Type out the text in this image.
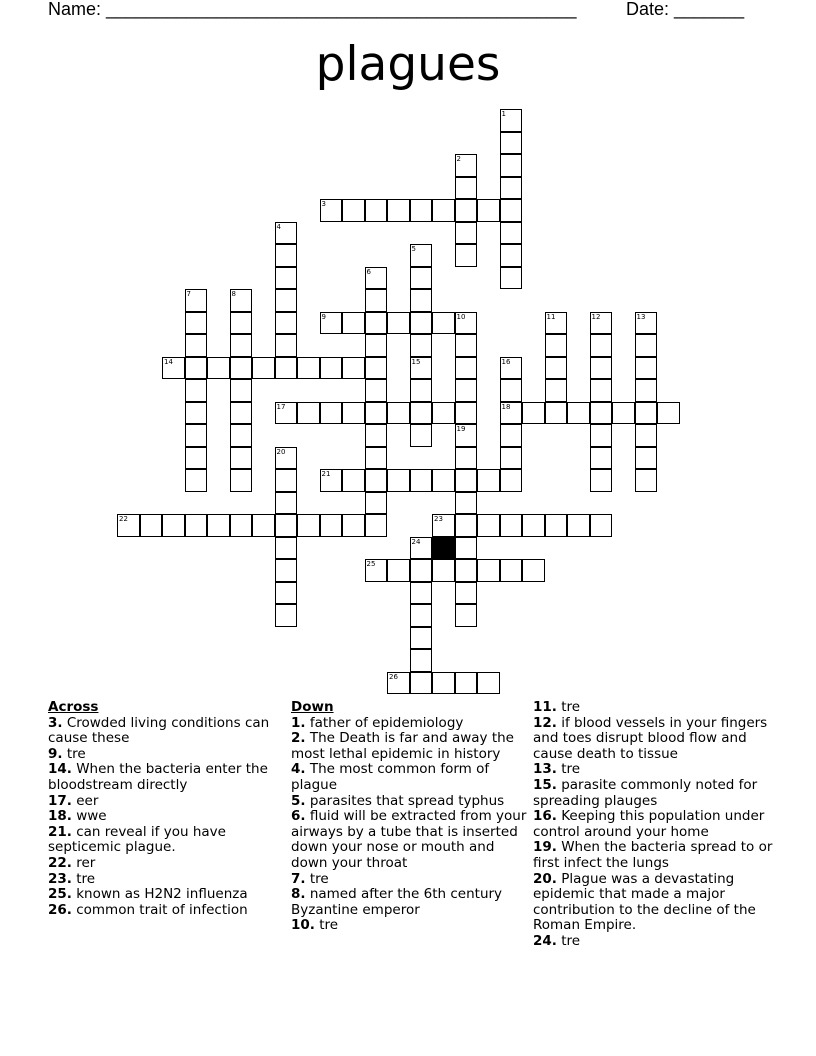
Name: _______________________________________________	Date: _______
plagues
1
2
3
4
5
6
7	8
9	10	11	12	13
14	15	16
17	18
19
20
21
22	23
24
25
26
Across
3. Crowded living conditions can cause these
9. tre
14. When the bacteria enter the bloodstream directly
17. eer
18. wwe
21. can reveal if you have septicemic plague.
22. rer
23. tre
25. known as H2N2 influenza
26. common trait of infection
Down
1. father of epidemiology
2. The Death is far and away the most lethal epidemic in history
4. The most common form of plague
5. parasites that spread typhus
6. fluid will be extracted from your airways by a tube that is inserted down your nose or mouth and down your throat
7. tre
8. named after the 6th century Byzantine emperor
10. tre
11. tre
12. if blood vessels in your fingers and toes disrupt blood flow and cause death to tissue
13. tre
15. parasite commonly noted for spreading plauges
16. Keeping this population under control around your home
19. When the bacteria spread to or first infect the lungs
20. Plague was a devastating epidemic that made a major contribution to the decline of the Roman Empire.
24. tre
